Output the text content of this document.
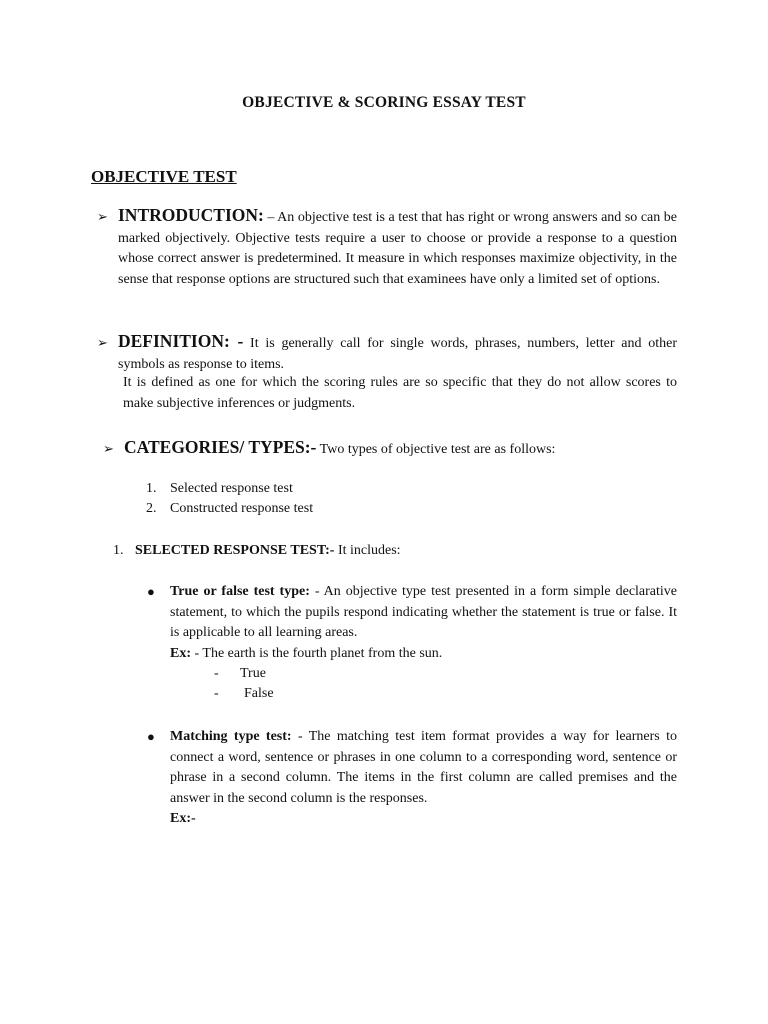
OBJECTIVE & SCORING ESSAY TEST
OBJECTIVE TEST
➢ INTRODUCTION: – An objective test is a test that has right or wrong answers and so can be marked objectively. Objective tests require a user to choose or provide a response to a question whose correct answer is predetermined. It measure in which responses maximize objectivity, in the sense that response options are structured such that examinees have only a limited set of options.
➢ DEFINITION: - It is generally call for single words, phrases, numbers, letter and other symbols as response to items.
It is defined as one for which the scoring rules are so specific that they do not allow scores to make subjective inferences or judgments.
➢ CATEGORIES/ TYPES:- Two types of objective test are as follows:
1. Selected response test
2. Constructed response test
1. SELECTED RESPONSE TEST:- It includes:
● True or false test type: - An objective type test presented in a form simple declarative statement, to which the pupils respond indicating whether the statement is true or false. It is applicable to all learning areas.
Ex: - The earth is the fourth planet from the sun.
- True
- False
● Matching type test: - The matching test item format provides a way for learners to connect a word, sentence or phrases in one column to a corresponding word, sentence or phrase in a second column. The items in the first column are called premises and the answer in the second column is the responses.
Ex:-
